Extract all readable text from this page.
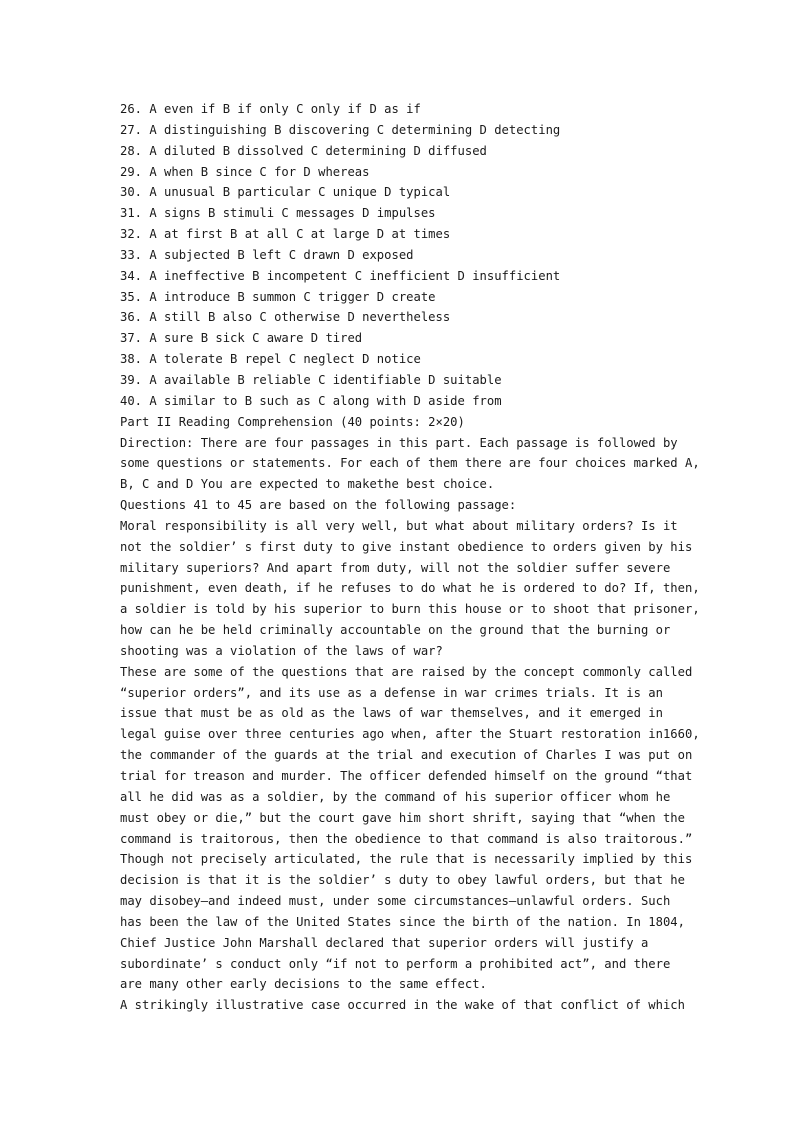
26. A even if B if only C only if D as if
27. A distinguishing B discovering C determining D detecting
28. A diluted B dissolved C determining D diffused
29. A when B since C for D whereas
30. A unusual B particular C unique D typical
31. A signs B stimuli C messages D impulses
32. A at first B at all C at large D at times
33. A subjected B left C drawn D exposed
34. A ineffective B incompetent C inefficient D insufficient
35. A introduce B summon C trigger D create
36. A still B also C otherwise D nevertheless
37. A sure B sick C aware D tired
38. A tolerate B repel C neglect D notice
39. A available B reliable C identifiable D suitable
40. A similar to B such as C along with D aside from
Part II Reading Comprehension (40 points: 2×20)
Direction: There are four passages in this part. Each passage is followed by
some questions or statements. For each of them there are four choices marked A,
B, C and D You are expected to makethe best choice.
Questions 41 to 45 are based on the following passage:
Moral responsibility is all very well, but what about military orders? Is it
not the soldier’ s first duty to give instant obedience to orders given by his
military superiors? And apart from duty, will not the soldier suffer severe
punishment, even death, if he refuses to do what he is ordered to do? If, then,
a soldier is told by his superior to burn this house or to shoot that prisoner,
how can he be held criminally accountable on the ground that the burning or
shooting was a violation of the laws of war?
These are some of the questions that are raised by the concept commonly called
“superior orders”, and its use as a defense in war crimes trials. It is an
issue that must be as old as the laws of war themselves, and it emerged in
legal guise over three centuries ago when, after the Stuart restoration in1660,
the commander of the guards at the trial and execution of Charles I was put on
trial for treason and murder. The officer defended himself on the ground “that
all he did was as a soldier, by the command of his superior officer whom he
must obey or die,” but the court gave him short shrift, saying that “when the
command is traitorous, then the obedience to that command is also traitorous.”
Though not precisely articulated, the rule that is necessarily implied by this
decision is that it is the soldier’ s duty to obey lawful orders, but that he
may disobey—and indeed must, under some circumstances—unlawful orders. Such
has been the law of the United States since the birth of the nation. In 1804,
Chief Justice John Marshall declared that superior orders will justify a
subordinate’ s conduct only “if not to perform a prohibited act”, and there
are many other early decisions to the same effect.
A strikingly illustrative case occurred in the wake of that conflict of which
